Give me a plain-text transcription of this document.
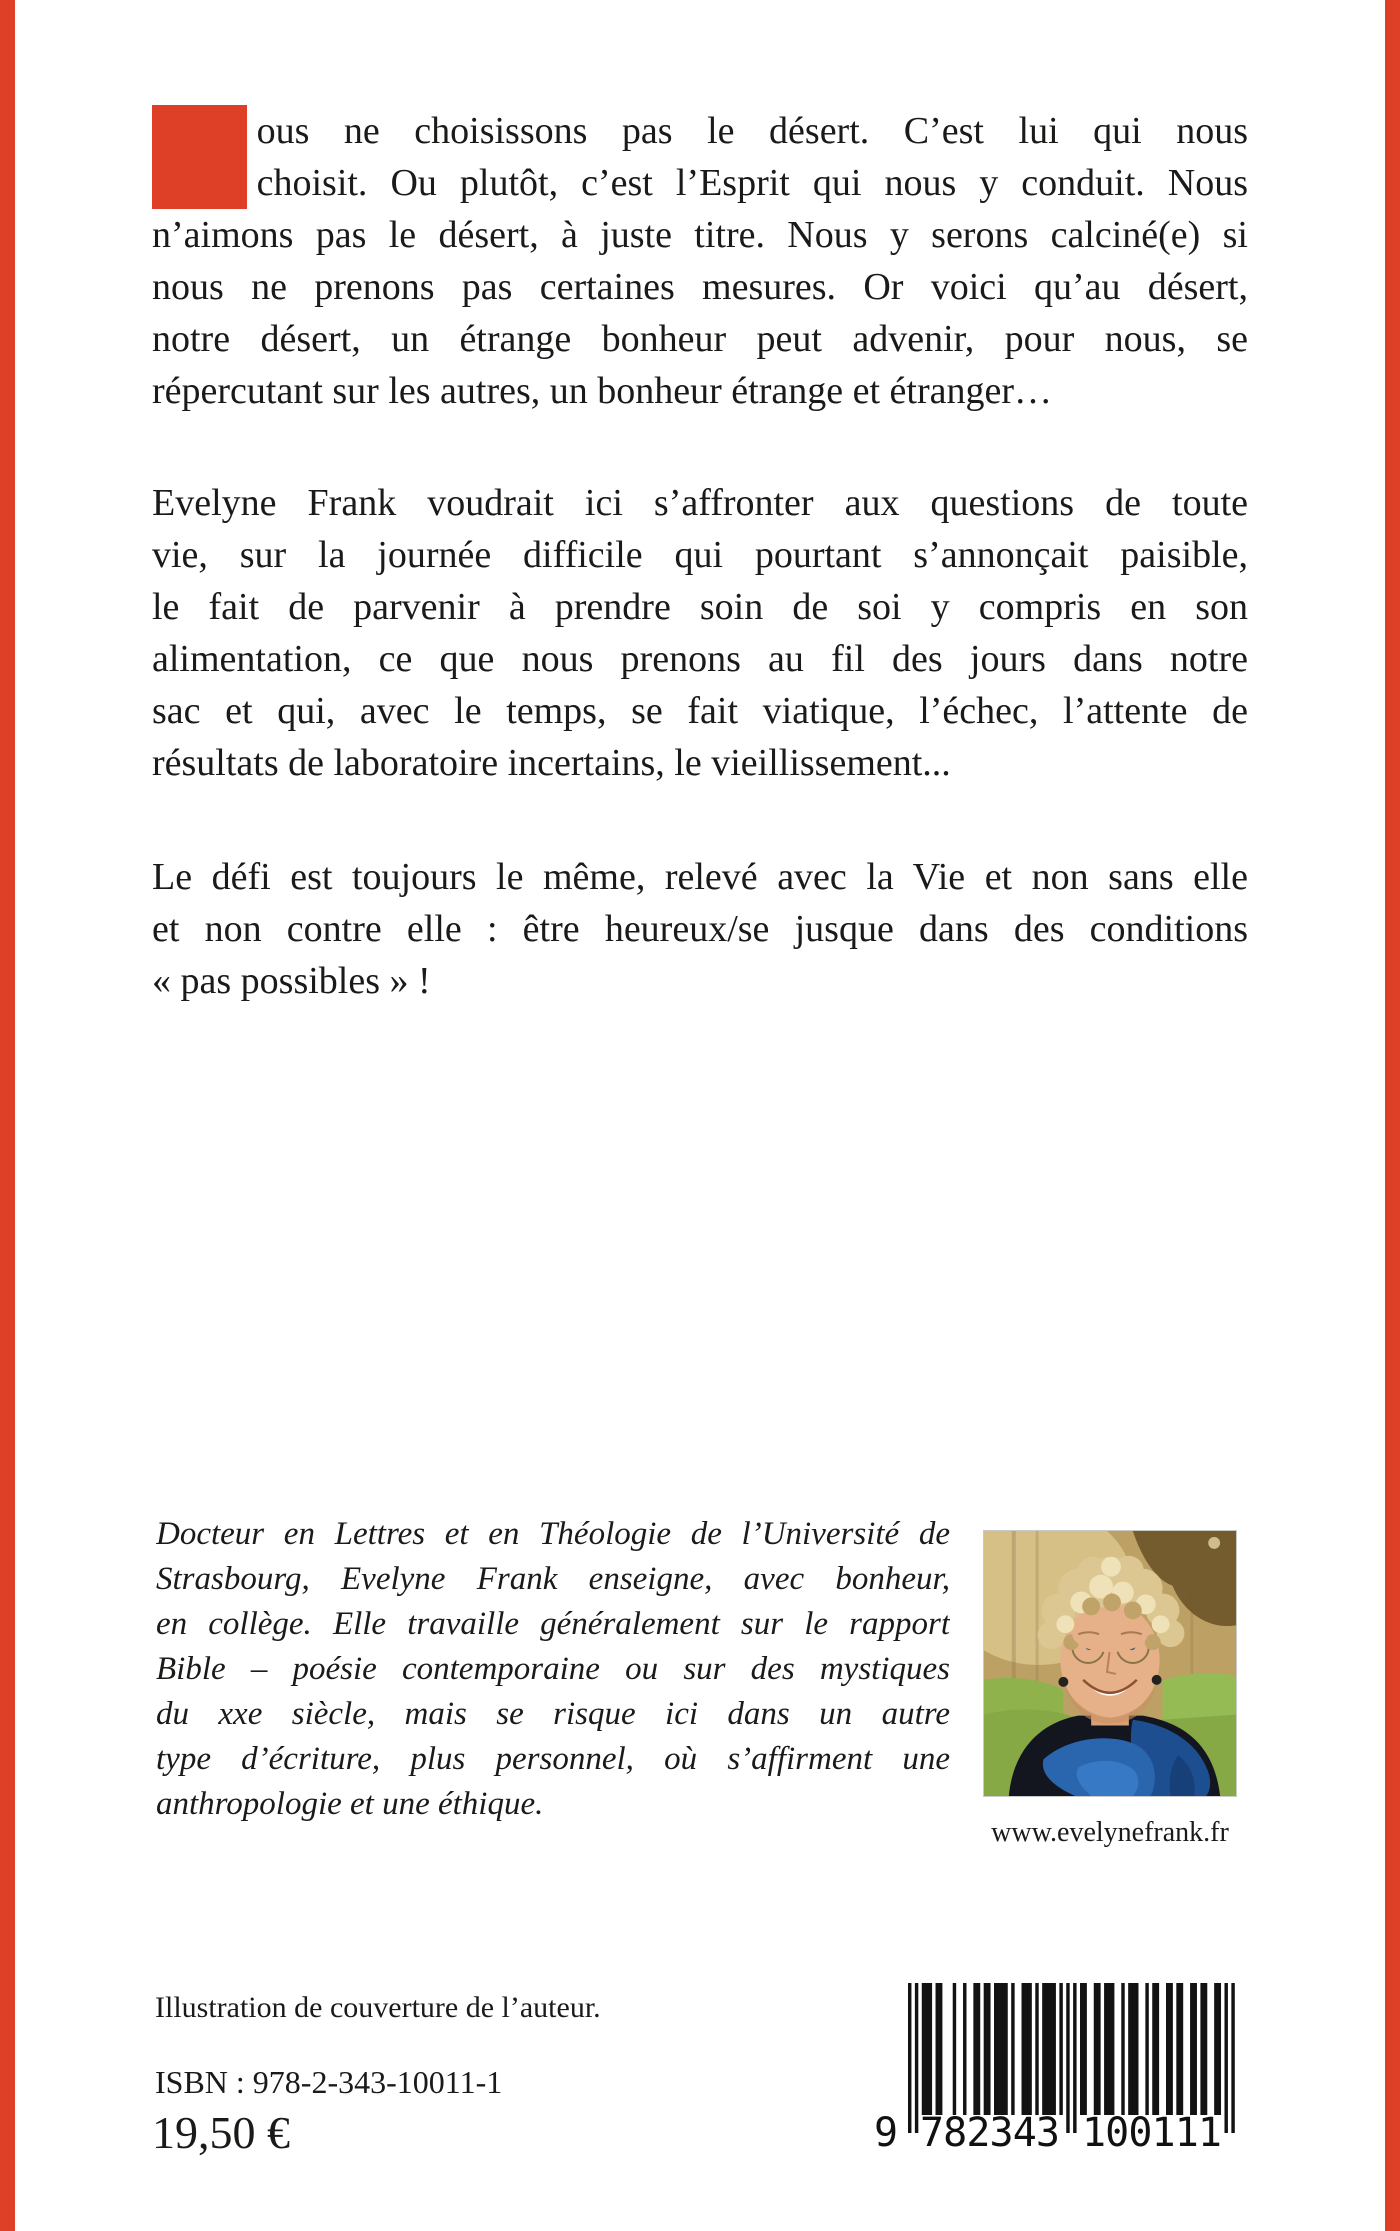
N ous ne choisissons pas le désert. C’est lui qui nous
choisit. Ou plutôt, c’est l’Esprit qui nous y conduit. Nous
n’aimons pas le désert, à juste titre. Nous y serons calciné(e) si
nous ne prenons pas certaines mesures. Or voici qu’au désert,
notre désert, un étrange bonheur peut advenir, pour nous, se
répercutant sur les autres, un bonheur étrange et étranger…
Evelyne Frank voudrait ici s’affronter aux questions de toute
vie, sur la journée difficile qui pourtant s’annonçait paisible,
le fait de parvenir à prendre soin de soi y compris en son
alimentation, ce que nous prenons au fil des jours dans notre
sac et qui, avec le temps, se fait viatique, l’échec, l’attente de
résultats de laboratoire incertains, le vieillissement...
Le défi est toujours le même, relevé avec la Vie et non sans elle
et non contre elle : être heureux/se jusque dans des conditions
« pas possibles » !
Docteur en Lettres et en Théologie de l’Université de
Strasbourg, Evelyne Frank enseigne, avec bonheur,
en collège. Elle travaille généralement sur le rapport
Bible – poésie contemporaine ou sur des mystiques
du xxe siècle, mais se risque ici dans un autre
type d’écriture, plus personnel, où s’affirment une
anthropologie et une éthique.
www.evelynefrank.fr
Illustration de couverture de l’auteur.
ISBN : 978-2-343-10011-1
19,50 €	9 782343 100111
